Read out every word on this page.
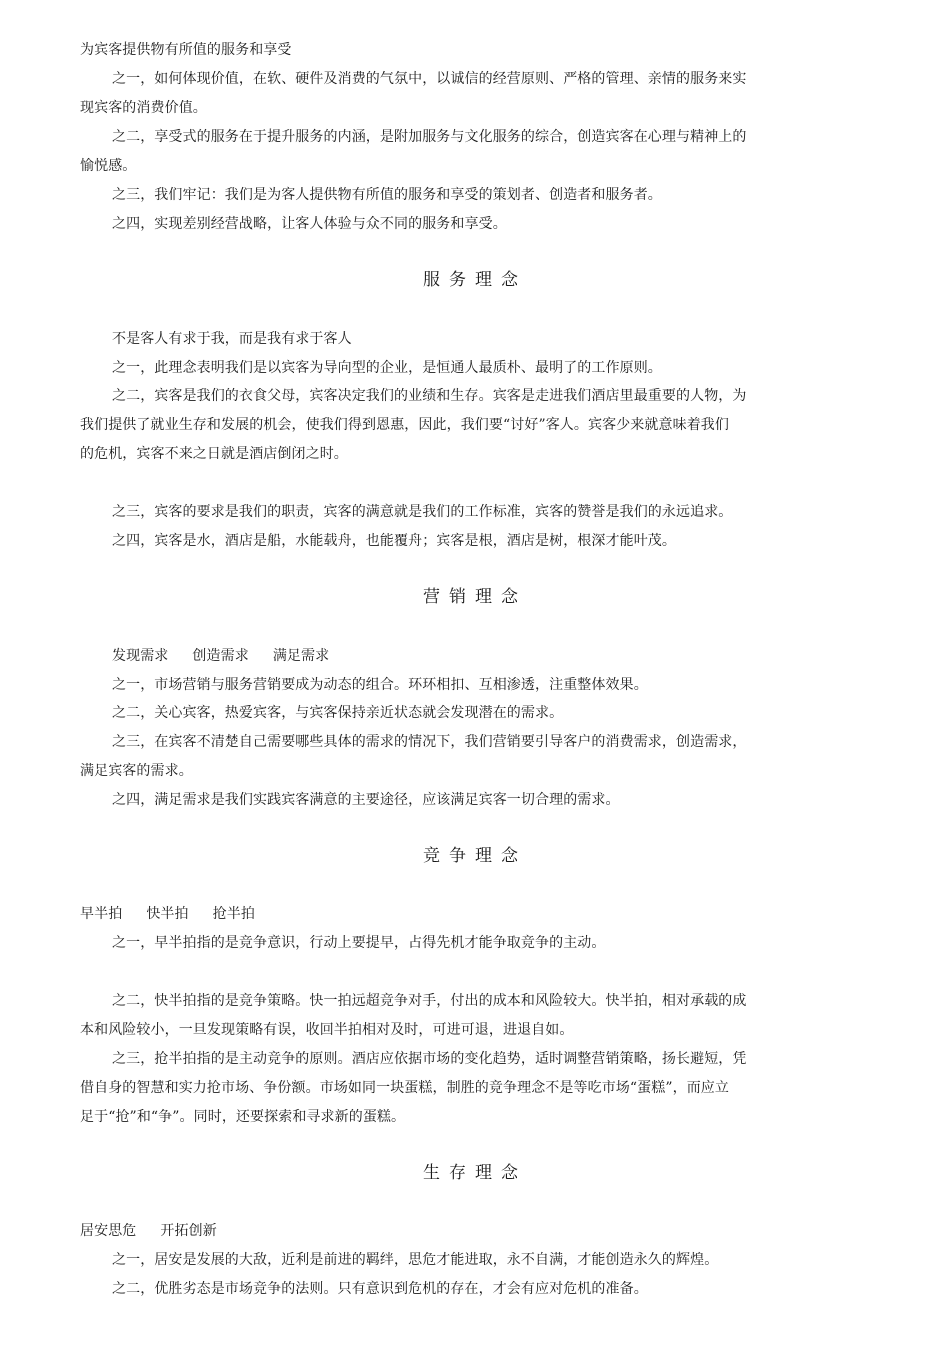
为宾客提供物有所值的服务和享受
之一，如何体现价值，在软、硬件及消费的气氛中，以诚信的经营原则、严格的管理、亲情的服务来实
现宾客的消费价值。
之二，享受式的服务在于提升服务的内涵，是附加服务与文化服务的综合，创造宾客在心理与精神上的
愉悦感。
之三，我们牢记：我们是为客人提供物有所值的服务和享受的策划者、创造者和服务者。
之四，实现差别经营战略，让客人体验与众不同的服务和享受。
服务理念
不是客人有求于我，而是我有求于客人
之一，此理念表明我们是以宾客为导向型的企业，是恒通人最质朴、最明了的工作原则。
之二，宾客是我们的衣食父母，宾客决定我们的业绩和生存。宾客是走进我们酒店里最重要的人物，为
我们提供了就业生存和发展的机会，使我们得到恩惠，因此，我们要“讨好”客人。宾客少来就意味着我们
的危机，宾客不来之日就是酒店倒闭之时。
之三，宾客的要求是我们的职责，宾客的满意就是我们的工作标准，宾客的赞誉是我们的永远追求。
之四，宾客是水，酒店是船，水能载舟，也能覆舟；宾客是根，酒店是树，根深才能叶茂。
营销理念
发现需求 创造需求 满足需求
之一，市场营销与服务营销要成为动态的组合。环环相扣、互相渗透，注重整体效果。
之二，关心宾客，热爱宾客，与宾客保持亲近状态就会发现潜在的需求。
之三，在宾客不清楚自己需要哪些具体的需求的情况下，我们营销要引导客户的消费需求，创造需求，
满足宾客的需求。
之四，满足需求是我们实践宾客满意的主要途径，应该满足宾客一切合理的需求。
竞争理念
早半拍 快半拍 抢半拍
之一，早半拍指的是竞争意识，行动上要提早，占得先机才能争取竞争的主动。
之二，快半拍指的是竞争策略。快一拍远超竞争对手，付出的成本和风险较大。快半拍，相对承载的成
本和风险较小，一旦发现策略有误，收回半拍相对及时，可进可退，进退自如。
之三，抢半拍指的是主动竞争的原则。酒店应依据市场的变化趋势，适时调整营销策略，扬长避短，凭
借自身的智慧和实力抢市场、争份额。市场如同一块蛋糕，制胜的竞争理念不是等吃市场“蛋糕”，而应立
足于“抢”和“争”。同时，还要探索和寻求新的蛋糕。
生存理念
居安思危 开拓创新
之一，居安是发展的大敌，近利是前进的羁绊，思危才能进取，永不自满，才能创造永久的辉煌。
之二，优胜劣态是市场竞争的法则。只有意识到危机的存在，才会有应对危机的准备。
